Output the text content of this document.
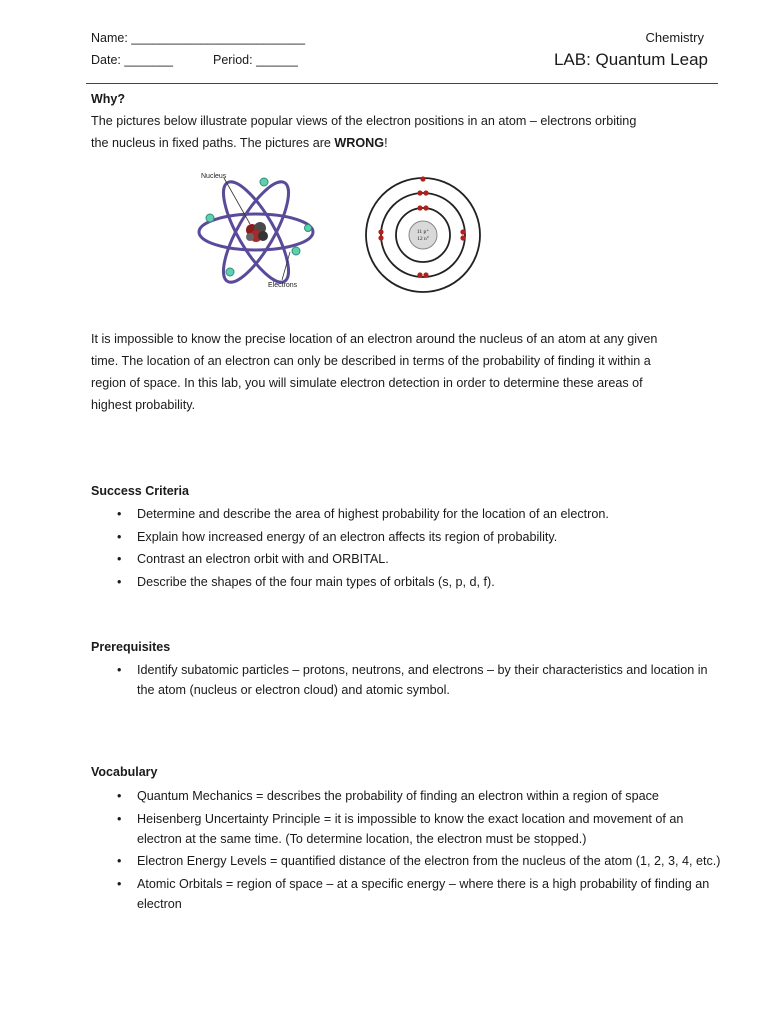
Name: _________________________
Date: _______	Period: ______
Chemistry
LAB: Quantum Leap
Why?
The pictures below illustrate popular views of the electron positions in an atom – electrons orbiting
the nucleus in fixed paths. The pictures are WRONG!
Nucleus
Electrons
11 p⁺
12 n°
It is impossible to know the precise location of an electron around the nucleus of an atom at any given
time. The location of an electron can only be described in terms of the probability of finding it within a
region of space. In this lab, you will simulate electron detection in order to determine these areas of
highest probability.
Success Criteria
• Determine and describe the area of highest probability for the location of an electron.
• Explain how increased energy of an electron affects its region of probability.
• Contrast an electron orbit with and ORBITAL.
• Describe the shapes of the four main types of orbitals (s, p, d, f).
Prerequisites
• Identify subatomic particles – protons, neutrons, and electrons – by their characteristics and location in the atom (nucleus or electron cloud) and atomic symbol.
Vocabulary
• Quantum Mechanics = describes the probability of finding an electron within a region of space
• Heisenberg Uncertainty Principle = it is impossible to know the exact location and movement of an electron at the same time. (To determine location, the electron must be stopped.)
• Electron Energy Levels = quantified distance of the electron from the nucleus of the atom (1, 2, 3, 4, etc.)
• Atomic Orbitals = region of space – at a specific energy – where there is a high probability of finding an electron
